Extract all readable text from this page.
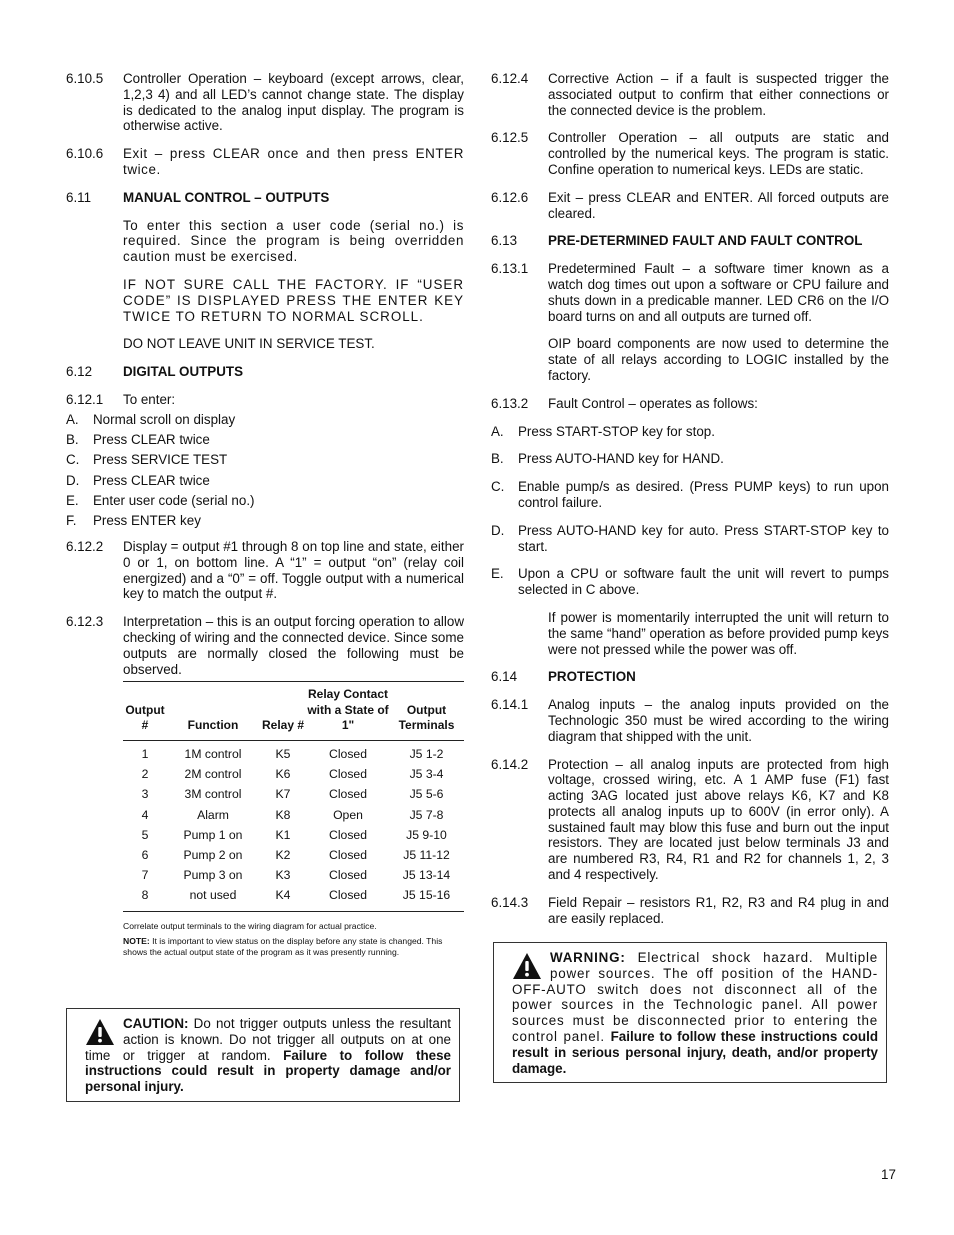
6.10.5	Controller Operation – keyboard (except arrows, clear, 1,2,3 4) and all LED’s cannot change state. The display is dedicated to the analog input display. The program is otherwise active.
6.10.6	Exit – press CLEAR once and then press ENTER twice.
6.11	MANUAL CONTROL – OUTPUTS
To enter this section a user code (serial no.) is required. Since the program is being overridden caution must be exercised.
IF NOT SURE CALL THE FACTORY. IF “USER CODE” IS DISPLAYED PRESS THE ENTER KEY TWICE TO RETURN TO NORMAL SCROLL.
DO NOT LEAVE UNIT IN SERVICE TEST.
6.12	DIGITAL OUTPUTS
6.12.1	To enter:
A.	Normal scroll on display
B.	Press CLEAR twice
C.	Press SERVICE TEST
D.	Press CLEAR twice
E.	Enter user code (serial no.)
F.	Press ENTER key
6.12.2	Display = output #1 through 8 on top line and state, either 0 or 1, on bottom line. A “1” = output “on” (relay coil energized) and a “0” = off. Toggle output with a numerical key to match the output #.
6.12.3	Interpretation – this is an output forcing operation to allow checking of wiring and the connected device. Since some outputs are normally closed the following must be observed.
Output #	Function	Relay #	Relay Contact with a State of 1"	Output Terminals
1	1M control	K5	Closed	J5 1-2
2	2M control	K6	Closed	J5 3-4
3	3M control	K7	Closed	J5 5-6
4	Alarm	K8	Open	J5 7-8
5	Pump 1 on	K1	Closed	J5 9-10
6	Pump 2 on	K2	Closed	J5 11-12
7	Pump 3 on	K3	Closed	J5 13-14
8	not used	K4	Closed	J5 15-16

Correlate output terminals to the wiring diagram for actual practice.

NOTE: It is important to view status on the display before any state is changed. This shows the actual output state of the program as it was presently running.

CAUTION: Do not trigger outputs unless the resultant action is known. Do not trigger all outputs on at one time or trigger at random. Failure to follow these instructions could result in property damage and/or personal injury.
6.12.4	Corrective Action – if a fault is suspected trigger the associated output to confirm that either connections or the connected device is the problem.
6.12.5	Controller Operation – all outputs are static and controlled by the numerical keys. The program is static. Confine operation to numerical keys. LEDs are static.
6.12.6	Exit – press CLEAR and ENTER. All forced outputs are cleared.
6.13	PRE-DETERMINED FAULT AND FAULT CONTROL
6.13.1	Predetermined Fault – a software timer known as a watch dog times out upon a software or CPU failure and shuts down in a predicable manner. LED CR6 on the I/O board turns on and all outputs are turned off.
OIP board components are now used to determine the state of all relays according to LOGIC installed by the factory.
6.13.2	Fault Control – operates as follows:
A.	Press START-STOP key for stop.
B.	Press AUTO-HAND key for HAND.
C.	Enable pump/s as desired. (Press PUMP keys) to run upon control failure.
D.	Press AUTO-HAND key for auto. Press START-STOP key to start.
E.	Upon a CPU or software fault the unit will revert to pumps selected in C above.
If power is momentarily interrupted the unit will return to the same “hand” operation as before provided pump keys were not pressed while the power was off.
6.14	PROTECTION
6.14.1	Analog inputs – the analog inputs provided on the Technologic 350 must be wired according to the wiring diagram that shipped with the unit.
6.14.2	Protection – all analog inputs are protected from high voltage, crossed wiring, etc. A 1 AMP fuse (F1) fast acting 3AG located just above relays K6, K7 and K8 protects all analog inputs up to 600V (in error only). A sustained fault may blow this fuse and burn out the input resistors. They are located just below terminals J3 and are numbered R3, R4, R1 and R2 for channels 1, 2, 3 and 4 respectively.
6.14.3	Field Repair – resistors R1, R2, R3 and R4 plug in and are easily replaced.
WARNING: Electrical shock hazard. Multiple power sources. The off position of the HAND-OFF-AUTO switch does not disconnect all of the power sources in the Technologic panel. All power sources must be disconnected prior to entering the control panel. Failure to follow these instructions could result in serious personal injury, death, and/or property damage.
17
